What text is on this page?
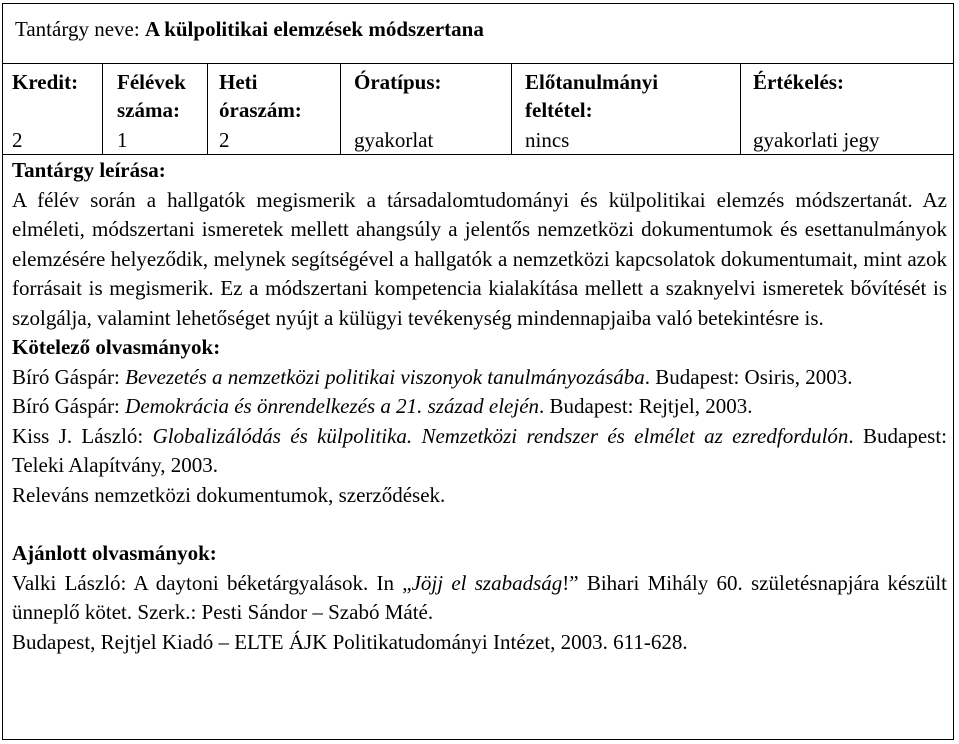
Tantárgy neve: A külpolitikai elemzések módszertana
Kredit:
2
Félévek
száma:
1
Heti
óraszám:
2
Óratípus:
gyakorlat
Előtanulmányi
feltétel:
nincs
Értékelés:
gyakorlati jegy

Tantárgy leírása:

A félév során a hallgatók megismerik a társadalomtudományi és külpolitikai elemzés módszertanát. Az elméleti, módszertani ismeretek mellett ahangsúly a jelentős nemzetközi dokumentumok és esettanulmányok elemzésére helyeződik, melynek segítségével a hallgatók a nemzetközi kapcsolatok dokumentumait, mint azok forrásait is megismerik. Ez a módszertani kompetencia kialakítása mellett a szaknyelvi ismeretek bővítését is szolgálja, valamint lehetőséget nyújt a külügyi tevékenység mindennapjaiba való betekintésre is.

Kötelező olvasmányok:

Bíró Gáspár: Bevezetés a nemzetközi politikai viszonyok tanulmányozásába. Budapest: Osiris, 2003.

Bíró Gáspár: Demokrácia és önrendelkezés a 21. század elején. Budapest: Rejtjel, 2003.

Kiss J. László: Globalizálódás és külpolitika. Nemzetközi rendszer és elmélet az ezredfordulón. Budapest: Teleki Alapítvány, 2003.

Releváns nemzetközi dokumentumok, szerződések.

Ajánlott olvasmányok:

Valki László: A daytoni béketárgyalások. In „Jöjj el szabadság!” Bihari Mihály 60. születésnapjára készült ünneplő kötet. Szerk.: Pesti Sándor – Szabó Máté.

Budapest, Rejtjel Kiadó – ELTE ÁJK Politikatudományi Intézet, 2003. 611-628.
